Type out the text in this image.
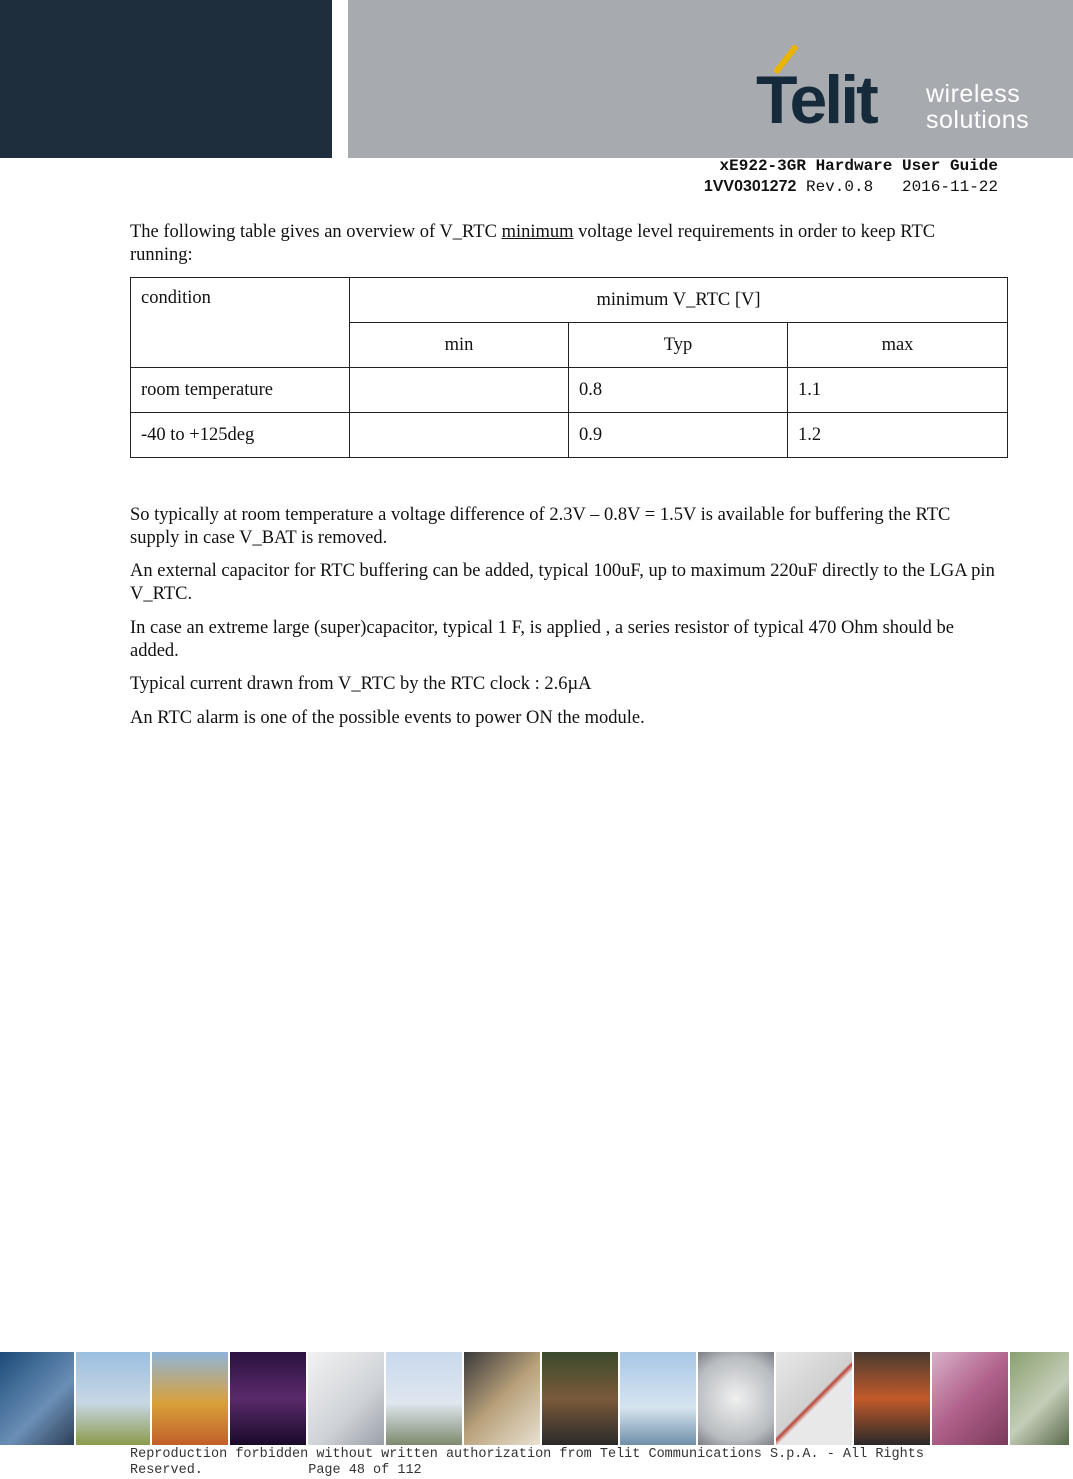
Telit wireless
solutions
xE922-3GR Hardware User Guide
1VV0301272 Rev.0.8   2016-11-22
The following table gives an overview of V_RTC minimum voltage level requirements in order to keep RTC running:
condition	minimum V_RTC [V]		
	min	Typ	max
room temperature		0.8	1.1
-40 to +125deg		0.9	1.2
So typically at room temperature a voltage difference of 2.3V – 0.8V = 1.5V is available for buffering the RTC supply in case V_BAT is removed.
An external capacitor for RTC buffering can be added, typical 100uF, up to maximum 220uF directly to the LGA pin V_RTC.
In case an extreme large (super)capacitor, typical 1 F, is applied , a series resistor of typical 470 Ohm should be added.
Typical current drawn from V_RTC by the RTC clock : 2.6µA
An RTC alarm is one of the possible events to power ON the module.
Reproduction forbidden without written authorization from Telit Communications S.p.A. - All Rights
Reserved.             Page 48 of 112
